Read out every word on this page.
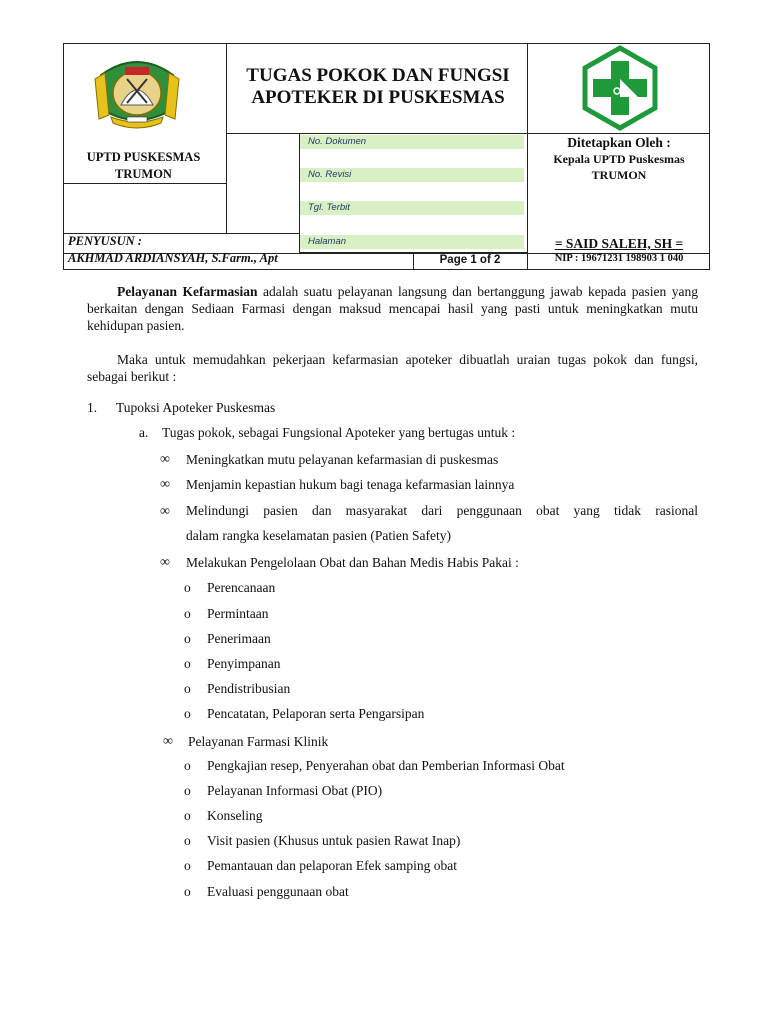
TUGAS POKOK DAN FUNGSI
APOTEKER DI PUSKESMAS
UPTD PUSKESMAS
TRUMON
No. Dokumen
No. Revisi
Tgl. Terbit
Halaman
PENYUSUN :
AKHMAD ARDIANSYAH, S.Farm., Apt	Page 1 of 2
Ditetapkan Oleh :
Kepala UPTD Puskesmas
TRUMON
= SAID SALEH, SH =
NIP : 19671231 198903 1 040

Pelayanan Kefarmasian adalah suatu pelayanan langsung dan bertanggung jawab kepada pasien yang berkaitan dengan Sediaan Farmasi dengan maksud mencapai hasil yang pasti untuk meningkatkan mutu kehidupan pasien.

Maka untuk memudahkan pekerjaan kefarmasian apoteker dibuatlah uraian tugas pokok dan fungsi, sebagai berikut :

1. Tupoksi Apoteker Puskesmas
a. Tugas pokok, sebagai Fungsional Apoteker yang bertugas untuk :
∞ Meningkatkan mutu pelayanan kefarmasian di puskesmas
∞ Menjamin kepastian hukum bagi tenaga kefarmasian lainnya
∞ Melindungi pasien dan masyarakat dari penggunaan obat yang tidak rasional
dalam rangka keselamatan pasien (Patien Safety)
∞ Melakukan Pengelolaan Obat dan Bahan Medis Habis Pakai :
o Perencanaan
o Permintaan
o Penerimaan
o Penyimpanan
o Pendistribusian
o Pencatatan, Pelaporan serta Pengarsipan
∞ Pelayanan Farmasi Klinik
o Pengkajian resep, Penyerahan obat dan Pemberian Informasi Obat
o Pelayanan Informasi Obat (PIO)
o Konseling
o Visit pasien (Khusus untuk pasien Rawat Inap)
o Pemantauan dan pelaporan Efek samping obat
o Evaluasi penggunaan obat
